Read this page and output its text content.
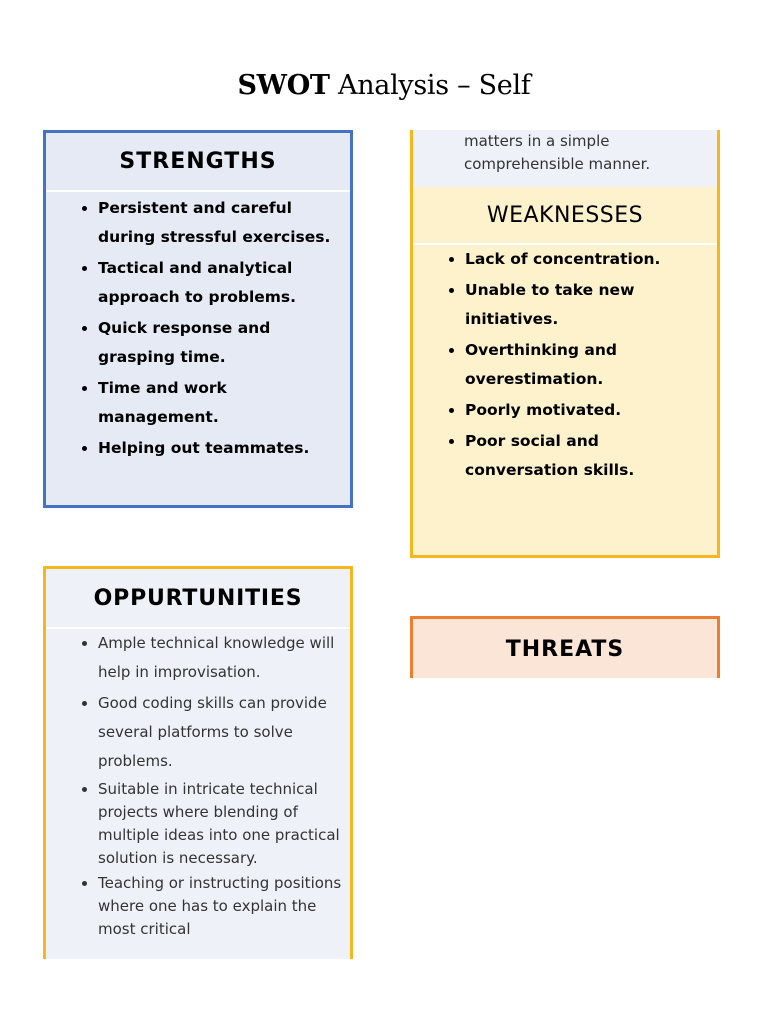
SWOT Analysis – Self
STRENGTHS
• Persistent and careful during stressful exercises.
• Tactical and analytical approach to problems.
• Quick response and grasping time.
• Time and work management.
• Helping out teammates.
matters in a simple
comprehensible manner.
WEAKNESSES
• Lack of concentration.
• Unable to take new initiatives.
• Overthinking and overestimation.
• Poorly motivated.
• Poor social and conversation skills.
OPPURTUNITIES
• Ample technical knowledge will help in improvisation.
• Good coding skills can provide several platforms to solve problems.
• Suitable in intricate technical projects where blending of multiple ideas into one practical solution is necessary.
• Teaching or instructing positions where one has to explain the most critical
THREATS
